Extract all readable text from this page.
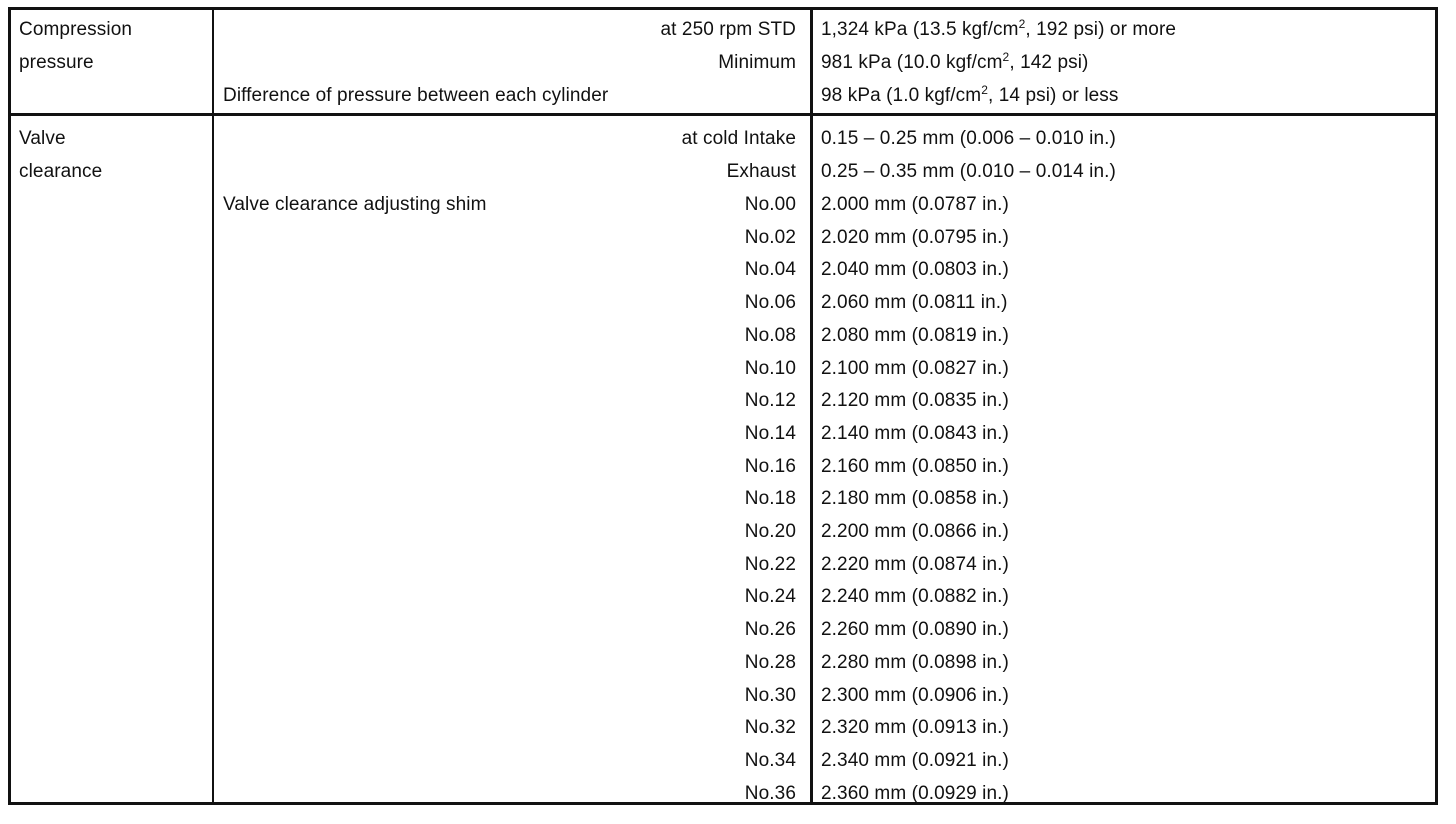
Compression
pressure
at 250 rpm STD 1,324 kPa (13.5 kgf/$cm^2$, 192 psi) or more
Minimum 981 kPa (10.0 kgf/$cm^2$, 142 psi)
Difference of pressure between each cylinder	98 kPa (1.0 kgf/$cm^2$, 14 psi) or less
Valve
clearance
at cold Intake 0.15 – 0.25 mm (0.006 – 0.010 in.)
Exhaust 0.25 – 0.35 mm (0.010 – 0.014 in.)
Valve clearance adjusting shim	No.00 2.000 mm (0.0787 in.)
No.02 2.020 mm (0.0795 in.)
No.04 2.040 mm (0.0803 in.)
No.06 2.060 mm (0.0811 in.)
No.08 2.080 mm (0.0819 in.)
No.10 2.100 mm (0.0827 in.)
No.12 2.120 mm (0.0835 in.)
No.14 2.140 mm (0.0843 in.)
No.16 2.160 mm (0.0850 in.)
No.18 2.180 mm (0.0858 in.)
No.20 2.200 mm (0.0866 in.)
No.22 2.220 mm (0.0874 in.)
No.24 2.240 mm (0.0882 in.)
No.26 2.260 mm (0.0890 in.)
No.28 2.280 mm (0.0898 in.)
No.30 2.300 mm (0.0906 in.)
No.32 2.320 mm (0.0913 in.)
No.34 2.340 mm (0.0921 in.)
No.36 2.360 mm (0.0929 in.)
